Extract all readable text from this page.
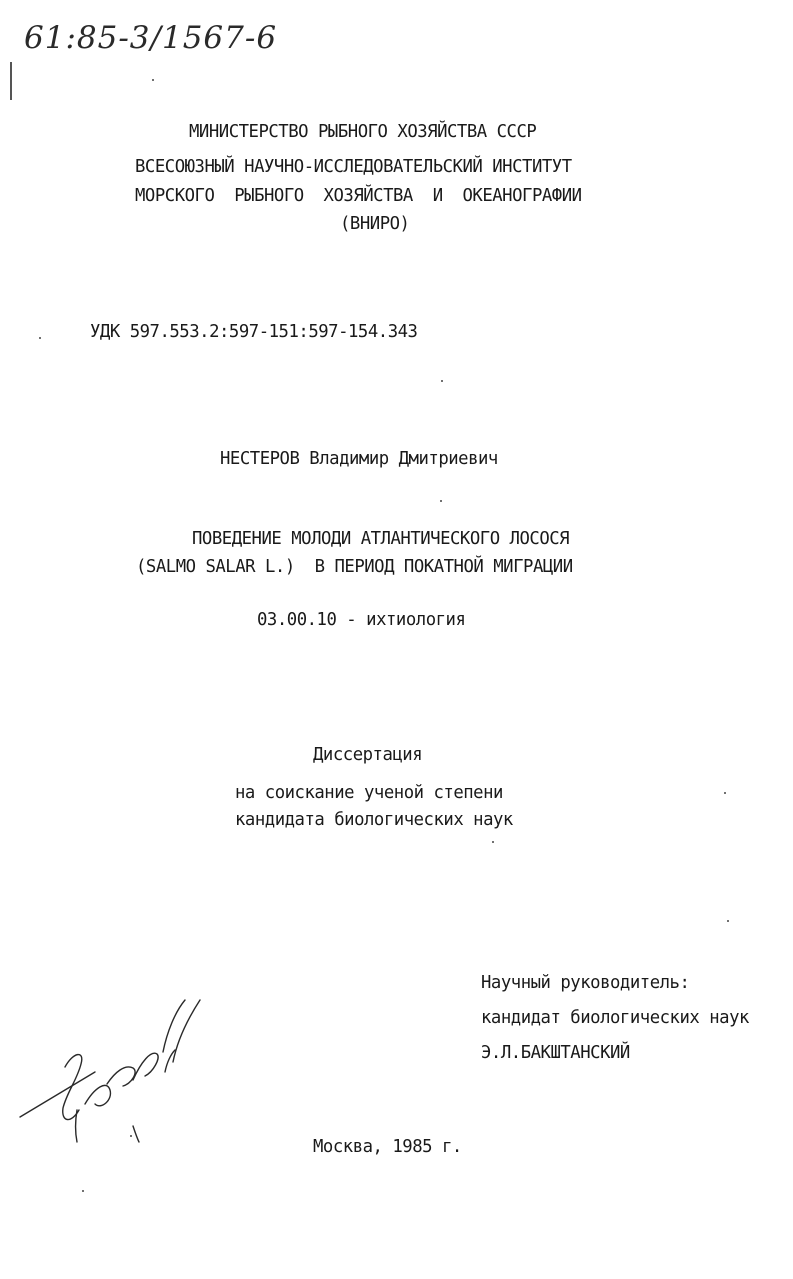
61:85-3/1567-6
МИНИСТЕРСТВО РЫБНОГО ХОЗЯЙСТВА СССР
ВСЕСОЮЗНЫЙ НАУЧНО-ИССЛЕДОВАТЕЛЬСКИЙ ИНСТИТУТ
МОРСКОГО  РЫБНОГО  ХОЗЯЙСТВА  И  ОКЕАНОГРАФИИ
(ВНИРО)
УДК 597.553.2:597-151:597-154.343
НЕСТЕРОВ Владимир Дмитриевич
ПОВЕДЕНИЕ МОЛОДИ АТЛАНТИЧЕСКОГО ЛОСОСЯ
(SALMO SALAR L.)  В ПЕРИОД ПОКАТНОЙ МИГРАЦИИ
03.00.10 - ихтиология
Диссертация
на соискание ученой степени
кандидата биологических наук
Научный руководитель:
кандидат биологических наук
Э.Л.БАКШТАНСКИЙ
Москва, 1985 г.
